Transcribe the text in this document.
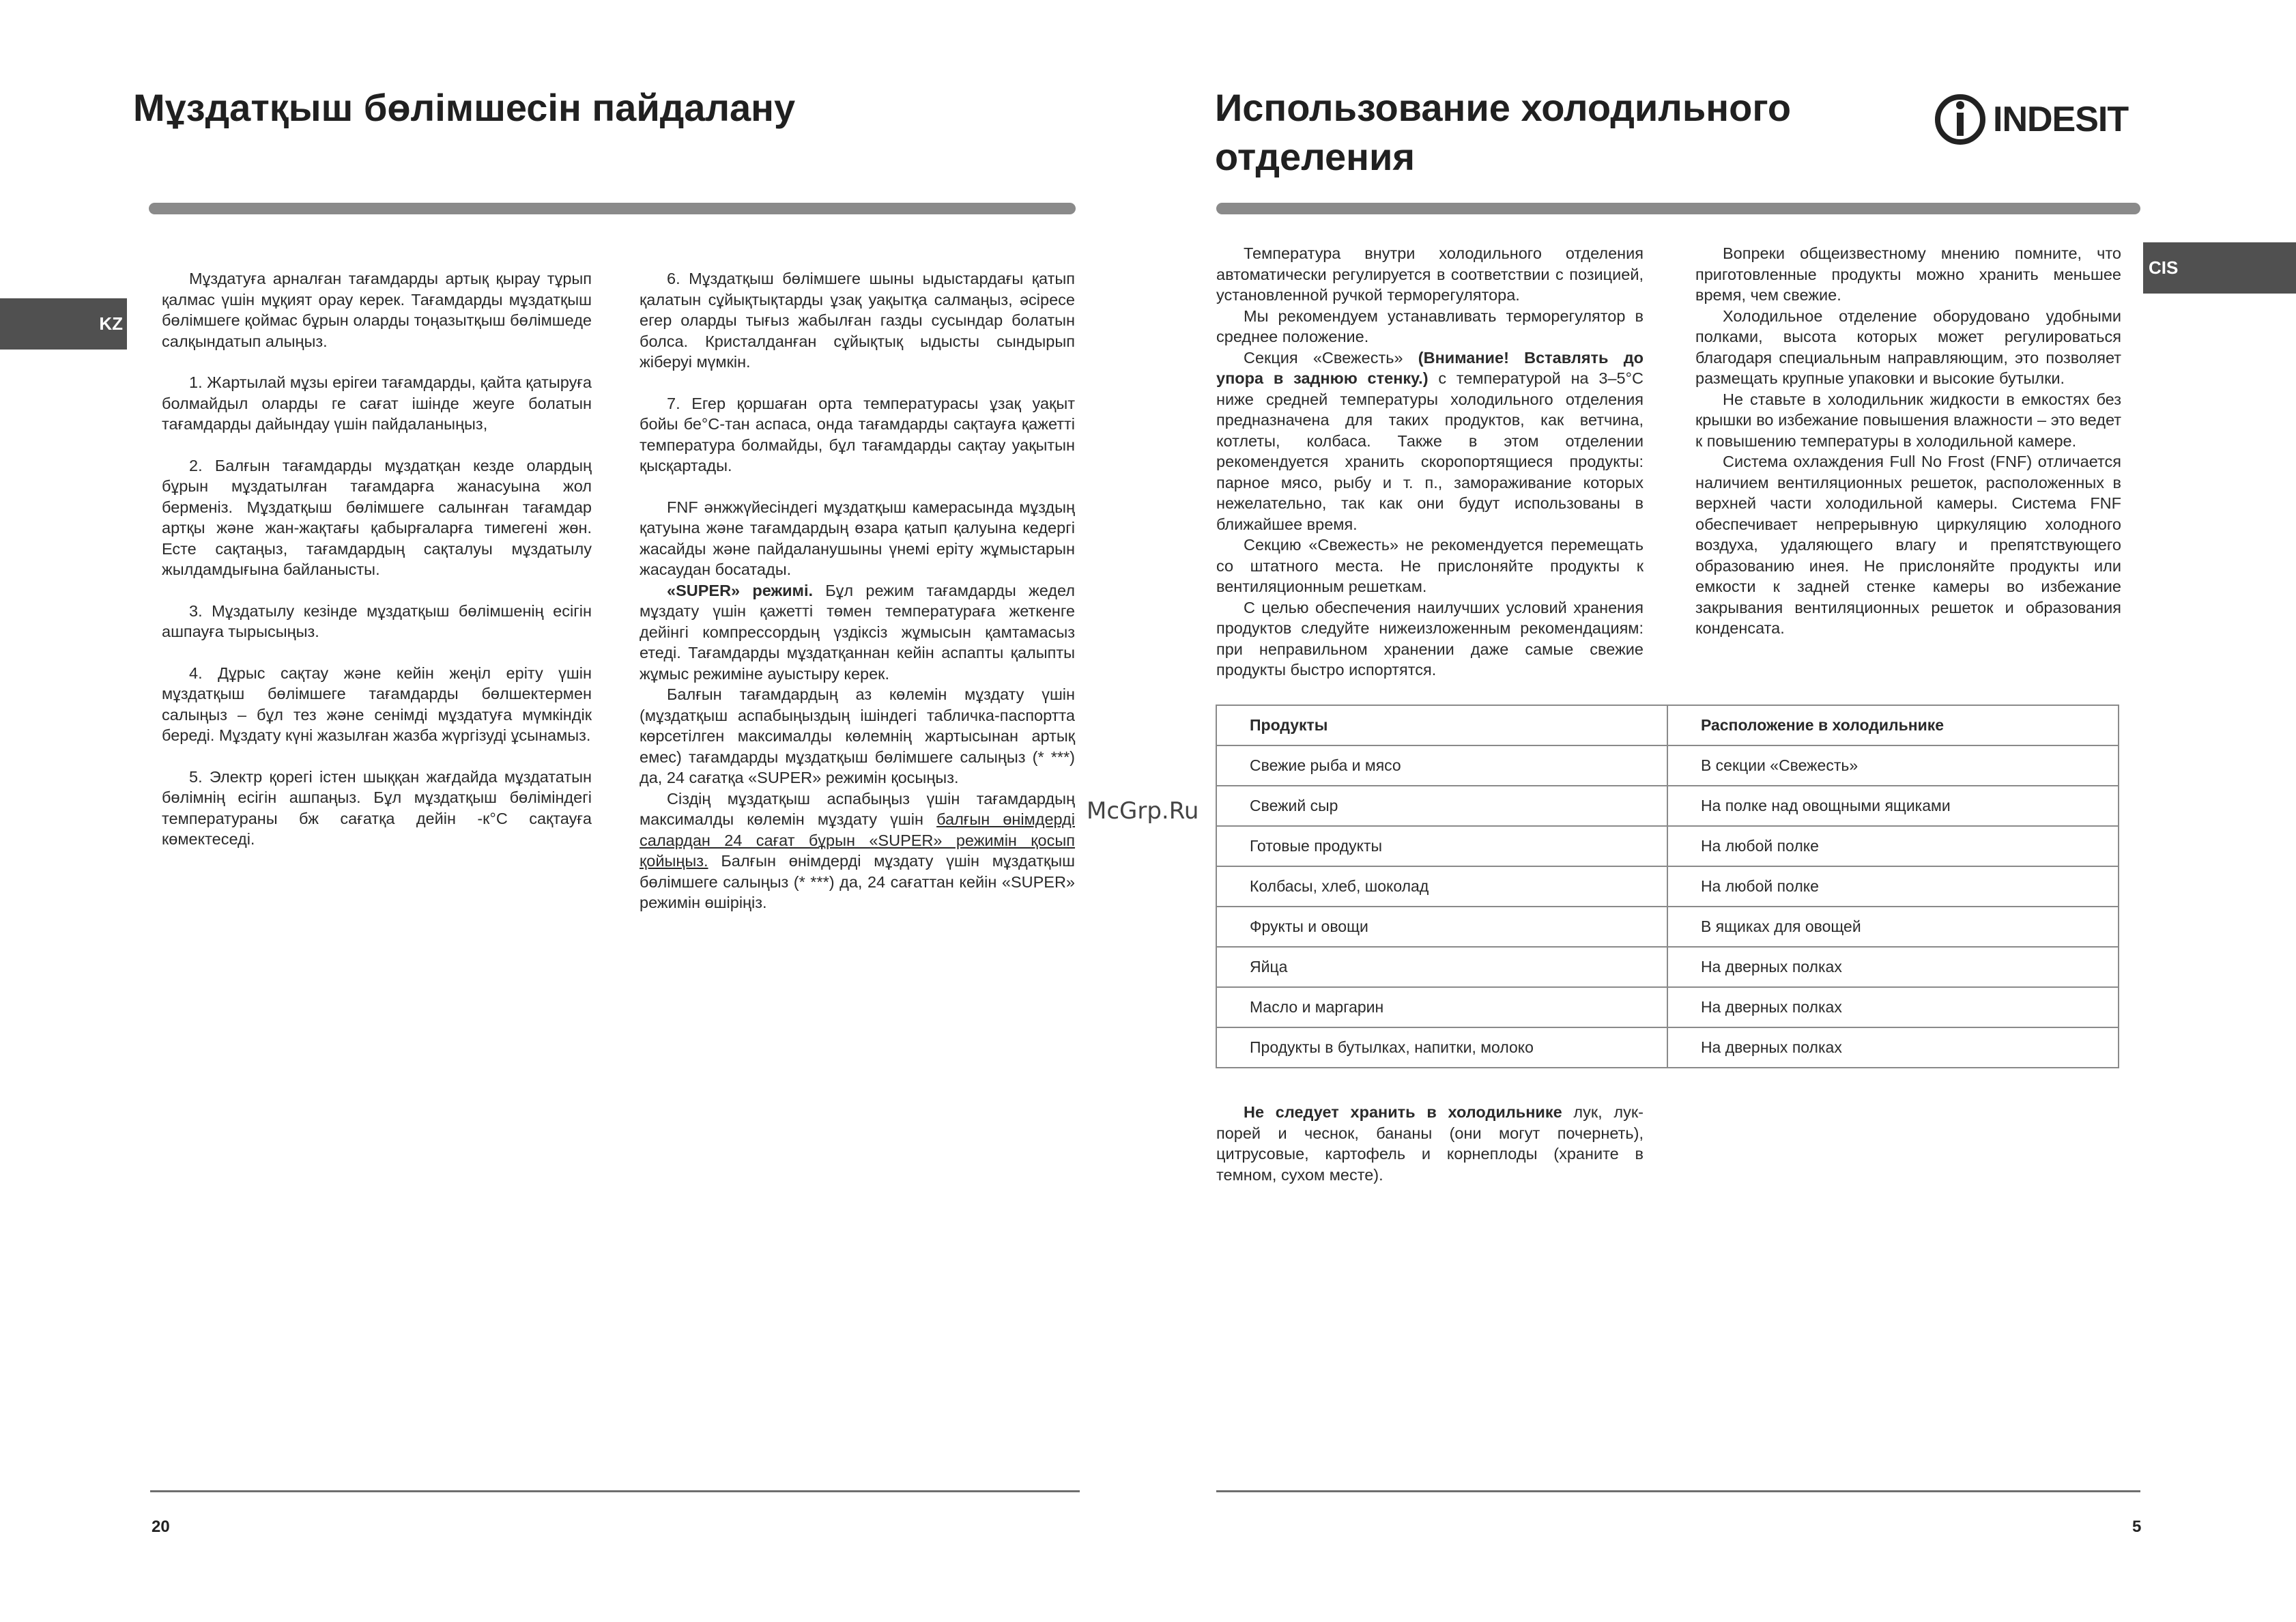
Мұздатқыш бөлімшесін пайдалану
KZ

Мұздатуға арналған тағамдарды артық қырау тұрып қалмас үшін мұқият орау керек. Тағамдарды мұздатқыш бөлімшеге қоймас бұрын оларды тоңазытқыш бөлімшеде салқындатып алыңыз.

1. Жартылай мұзы ерігеи тағамдарды, қайта қатыруға болмайдыл оларды ге сағат ішінде жеуге болатын тағамдарды дайындау үшін пайдаланыңыз,

2. Балғын тағамдарды мұздатқан кезде олардың бұрын мұздатылған тағамдарға жанасуына жол берменіз. Мұздатқыш бөлімшеге салынған тағамдар артқы және жан-жақтағы қабырғаларға тимегені жөн. Есте сақтаңыз, тағамдардың сақталуы мұздатылу жылдамдығына байланысты.

3. Мұздатылу кезінде мұздатқыш бөлімшенің есігін ашпауға тырысыңыз.

4. Дұрыс сақтау және кейін жеңіл еріту үшін мұздатқыш бөлімшеге тағамдарды бөлшектермен салыңыз – бұл тез және сенімді мұздатуға мүмкіндік береді. Мұздату күні жазылған жазба жүргізуді ұсынамыз.

5. Электр қорегі істен шыққан жағдайда мұздататын бөлімнің есігін ашпаңыз. Бұл мұздатқыш бөліміндегі температураны бж сағатқа дейін -к°С сақтауға көмектеседі.

6. Мұздатқыш бөлімшеге шыны ыдыстардағы қатып қалатын сұйықтықтарды ұзақ уақытқа салмаңыз, әсіресе егер оларды тығыз жабылған газды сусындар болатын болса. Кристалданған сұйықтық ыдысты сындырып жіберуі мүмкін.

7. Егер қоршаған орта температурасы ұзақ уақыт бойы бе°С-тан аспаса, онда тағамдарды сақтауға қажетті температура болмайды, бұл тағамдарды сақтау уақытын қысқартады.

FNF әнжжүйесіндегі мұздатқыш камерасында мұздың қатуына және тағамдардың өзара қатып қалуына кедергі жасайды және пайдаланушыны үнемі еріту жұмыстарын жасаудан босатады.

«SUPER» режимі. Бұл режим тағамдарды жедел мұздату үшін қажетті төмен температураға жеткенге дейінгі компрессордың үздіксіз жұмысын қамтамасыз етеді. Тағамдарды мұздатқаннан кейін аспапты қалыпты жұмыс режиміне ауыстыру керек.

Балғын тағамдардың аз көлемін мұздату үшін (мұздатқыш аспабыңыздың ішіндегі табличка-паспортта көрсетілген максималды көлемнің жартысынан артық емес) тағамдарды мұздатқыш бөлімшеге салыңыз (* ***) да, 24 сағатқа «SUPER» режимін қосыңыз.

Сіздің мұздатқыш аспабыңыз үшін тағамдардың максималды көлемін мұздату үшін балғын өнімдерді салардан 24 сағат бұрын «SUPER» режимін қосып қойыңыз. Балғын өнімдерді мұздату үшін мұздатқыш бөлімшеге салыңыз (* ***) да, 24 сағаттан кейін «SUPER» режимін өшіріңіз.

20
McGrp.Ru
Использование холодильного
отделения
INDESIT
CIS

Температура внутри холодильного отделения автоматически регулируется в соответствии с позицией, установленной ручкой терморегулятора.

Мы рекомендуем устанавливать терморегулятор в среднее положение.

Секция «Свежесть» (Внимание! Вставлять до упора в заднюю стенку.) с температурой на 3–5°C ниже средней температуры холодильного отделения предназначена для таких продуктов, как ветчина, котлеты, колбаса. Также в этом отделении рекомендуется хранить скоропортящиеся продукты: парное мясо, рыбу и т. п., замораживание которых нежелательно, так как они будут использованы в ближайшее время.

Секцию «Свежесть» не рекомендуется перемещать со штатного места. Не прислоняйте продукты к вентиляционным решеткам.

С целью обеспечения наилучших условий хранения продуктов следуйте нижеизложенным рекомендациям: при неправильном хранении даже самые свежие продукты быстро испортятся.

Вопреки общеизвестному мнению помните, что приготовленные продукты можно хранить меньшее время, чем свежие.

Холодильное отделение оборудовано удобными полками, высота которых может регулироваться благодаря специальным направляющим, это позволяет размещать крупные упаковки и высокие бутылки.

Не ставьте в холодильник жидкости в емкостях без крышки во избежание повышения влажности – это ведет к повышению температуры в холодильной камере.

Система охлаждения Full No Frost (FNF) отличается наличием вентиляционных решеток, расположенных в верхней части холодильной камеры. Система FNF обеспечивает непрерывную циркуляцию холодного воздуха, удаляющего влагу и препятствующего образованию инея. Не прислоняйте продукты или емкости к задней стенке камеры во избежание закрывания вентиляционных решеток и образования конденсата.

Продукты	Расположение в холодильнике
Свежие рыба и мясо	В секции «Свежесть»
Свежий сыр	На полке над овощными ящиками
Готовые продукты	На любой полке
Колбасы, хлеб, шоколад	На любой полке
Фрукты и овощи	В ящиках для овощей
Яйца	На дверных полках
Масло и маргарин	На дверных полках
Продукты в бутылках, напитки, молоко	На дверных полках

Не следует хранить в холодильнике лук, лук-порей и чеснок, бананы (они могут почернеть), цитрусовые, картофель и корнеплоды (храните в темном, сухом месте).

5
